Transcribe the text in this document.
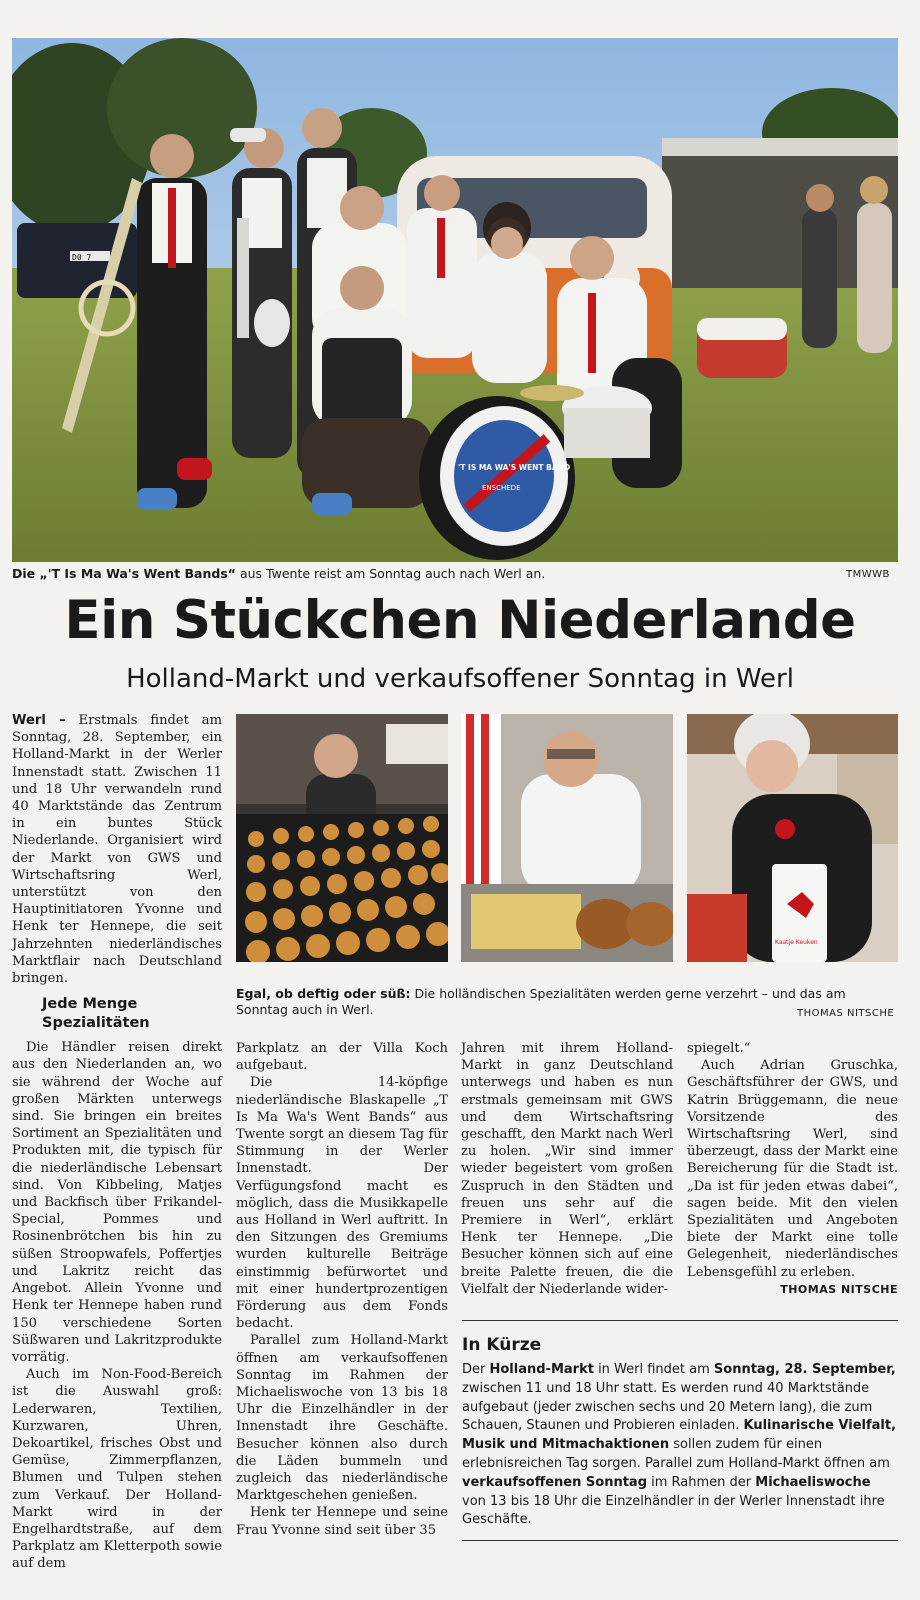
D0 7
'T IS MA WA'S WENT BAND
ENSCHEDE
Die „'T Is Ma Wa's Went Bands“ aus Twente reist am Sonntag auch nach Werl an.	TMWWB
Ein Stückchen Niederlande
Holland-Markt und verkaufsoffener Sonntag in Werl

Werl – Erstmals findet am Sonntag, 28. September, ein Holland-Markt in der Werler Innenstadt statt. Zwischen 11 und 18 Uhr verwandeln rund 40 Marktstände das Zentrum in ein buntes Stück Niederlande. Organisiert wird der Markt von GWS und Wirtschaftsring Werl, unterstützt von den Hauptinitiatoren Yvonne und Henk ter Hennepe, die seit Jahrzehnten niederländisches Marktflair nach Deutschland bringen.

Jede Menge Spezialitäten

Die Händler reisen direkt aus den Niederlanden an, wo sie während der Woche auf großen Märkten unterwegs sind. Sie bringen ein breites Sortiment an Spezialitäten und Produkten mit, die typisch für die niederländische Lebensart sind. Von Kibbeling, Matjes und Backfisch über Frikandel-Special, Pommes und Rosinenbrötchen bis hin zu süßen Stroopwafels, Poffertjes und Lakritz reicht das Angebot. Allein Yvonne und Henk ter Hennepe haben rund 150 verschiedene Sorten Süßwaren und Lakritzprodukte vorrätig.

Auch im Non-Food-Bereich ist die Auswahl groß: Lederwaren, Textilien, Kurzwaren, Uhren, Dekoartikel, frisches Obst und Gemüse, Zimmerpflanzen, Blumen und Tulpen stehen zum Verkauf. Der Holland-Markt wird in der Engelhardtstraße, auf dem Parkplatz am Kletterpoth sowie auf dem

Kaatje Keuken
Egal, ob deftig oder süß: Die holländischen Spezialitäten werden gerne verzehrt – und das am Sonntag auch in Werl.	THOMAS NITSCHE

Parkplatz an der Villa Koch aufgebaut.

Die 14-köpfige niederländische Blaskapelle „T Is Ma Wa's Went Bands“ aus Twente sorgt an diesem Tag für Stimmung in der Werler Innenstadt. Der Verfügungsfond macht es möglich, dass die Musikkapelle aus Holland in Werl auftritt. In den Sitzungen des Gremiums wurden kulturelle Beiträge einstimmig befürwortet und mit einer hundertprozentigen Förderung aus dem Fonds bedacht.

Parallel zum Holland-Markt öffnen am verkaufsoffenen Sonntag im Rahmen der Michaeliswoche von 13 bis 18 Uhr die Einzelhändler in der Innenstadt ihre Geschäfte. Besucher können also durch die Läden bummeln und zugleich das niederländische Marktgeschehen genießen.

Henk ter Hennepe und seine Frau Yvonne sind seit über 35

Jahren mit ihrem Holland-Markt in ganz Deutschland unterwegs und haben es nun erstmals gemeinsam mit GWS und dem Wirtschaftsring geschafft, den Markt nach Werl zu holen. „Wir sind immer wieder begeistert vom großen Zuspruch in den Städten und freuen uns sehr auf die Premiere in Werl“, erklärt Henk ter Hennepe. „Die Besucher können sich auf eine breite Palette freuen, die die Vielfalt der Niederlande wider-

spiegelt.“

Auch Adrian Gruschka, Geschäftsführer der GWS, und Katrin Brüggemann, die neue Vorsitzende des Wirtschaftsring Werl, sind überzeugt, dass der Markt eine Bereicherung für die Stadt ist. „Da ist für jeden etwas dabei“, sagen beide. Mit den vielen Spezialitäten und Angeboten biete der Markt eine tolle Gelegenheit, niederländisches Lebensgefühl zu erleben.
THOMAS NITSCHE

In Kürze
Der Holland-Markt in Werl findet am Sonntag, 28. September, zwischen 11 und 18 Uhr statt. Es werden rund 40 Marktstände aufgebaut (jeder zwischen sechs und 20 Metern lang), die zum Schauen, Staunen und Probieren einladen. Kulinarische Vielfalt, Musik und Mitmachaktionen sollen zudem für einen erlebnisreichen Tag sorgen. Parallel zum Holland-Markt öffnen am verkaufsoffenen Sonntag im Rahmen der Michaeliswoche von 13 bis 18 Uhr die Einzelhändler in der Werler Innenstadt ihre Geschäfte.
